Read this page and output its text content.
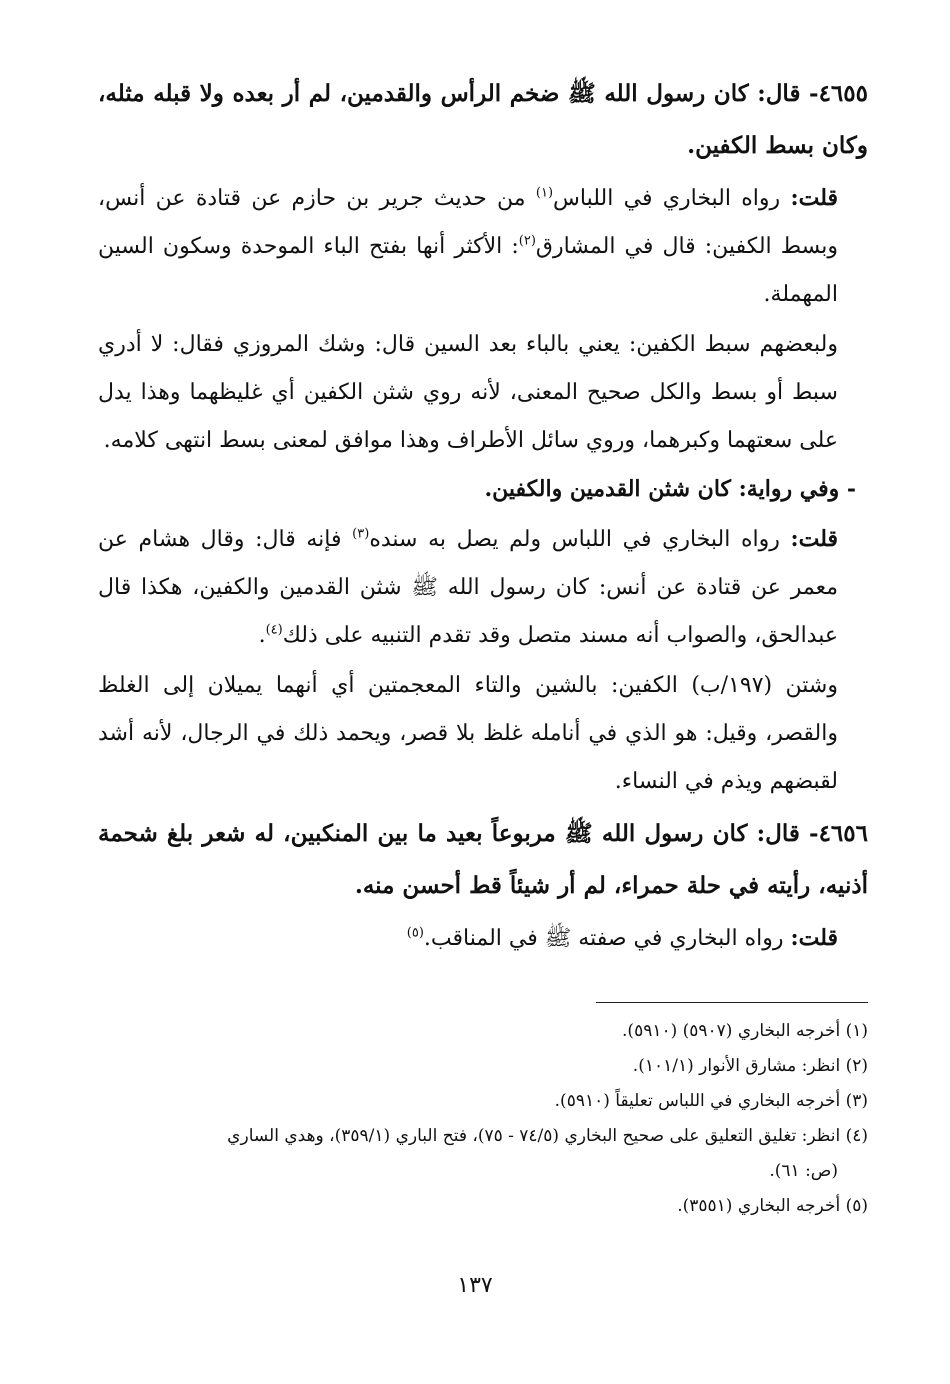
٤٦٥٥- قال: كان رسول الله ﷺ ضخم الرأس والقدمين، لم أر بعده ولا قبله مثله، وكان بسط الكفين.

قلت: رواه البخاري في اللباس$^{(١)}$ من حديث جرير بن حازم عن قتادة عن أنس، وبسط الكفين: قال في المشارق$^{(٢)}$: الأكثر أنها بفتح الباء الموحدة وسكون السين المهملة.

ولبعضهم سبط الكفين: يعني بالباء بعد السين قال: وشك المروزي فقال: لا أدري سبط أو بسط والكل صحيح المعنى، لأنه روي شثن الكفين أي غليظهما وهذا يدل على سعتهما وكبرهما، وروي سائل الأطراف وهذا موافق لمعنى بسط انتهى كلامه.

- وفي رواية: كان شثن القدمين والكفين.

قلت: رواه البخاري في اللباس ولم يصل به سنده$^{(٣)}$ فإنه قال: وقال هشام عن معمر عن قتادة عن أنس: كان رسول الله ﷺ شثن القدمين والكفين، هكذا قال عبدالحق، والصواب أنه مسند متصل وقد تقدم التنبيه على ذلك$^{(٤)}$.

وشتن (١٩٧/ب) الكفين: بالشين والتاء المعجمتين أي أنهما يميلان إلى الغلظ والقصر، وقيل: هو الذي في أنامله غلظ بلا قصر، ويحمد ذلك في الرجال، لأنه أشد لقبضهم ويذم في النساء.

٤٦٥٦- قال: كان رسول الله ﷺ مربوعاً بعيد ما بين المنكبين، له شعر بلغ شحمة أذنيه، رأيته في حلة حمراء، لم أر شيئاً قط أحسن منه.

قلت: رواه البخاري في صفته ﷺ في المناقب.$^{(٥)}$

(١) أخرجه البخاري (٥٩٠٧) (٥٩١٠).

(٢) انظر: مشارق الأنوار (١٠١/١).

(٣) أخرجه البخاري في اللباس تعليقاً (٥٩١٠).

(٤) انظر: تغليق التعليق على صحيح البخاري (٧٤/٥ - ٧٥)، فتح الباري (٣٥٩/١)، وهدي الساري

(ص: ٦١).

(٥) أخرجه البخاري (٣٥٥١).

١٣٧
